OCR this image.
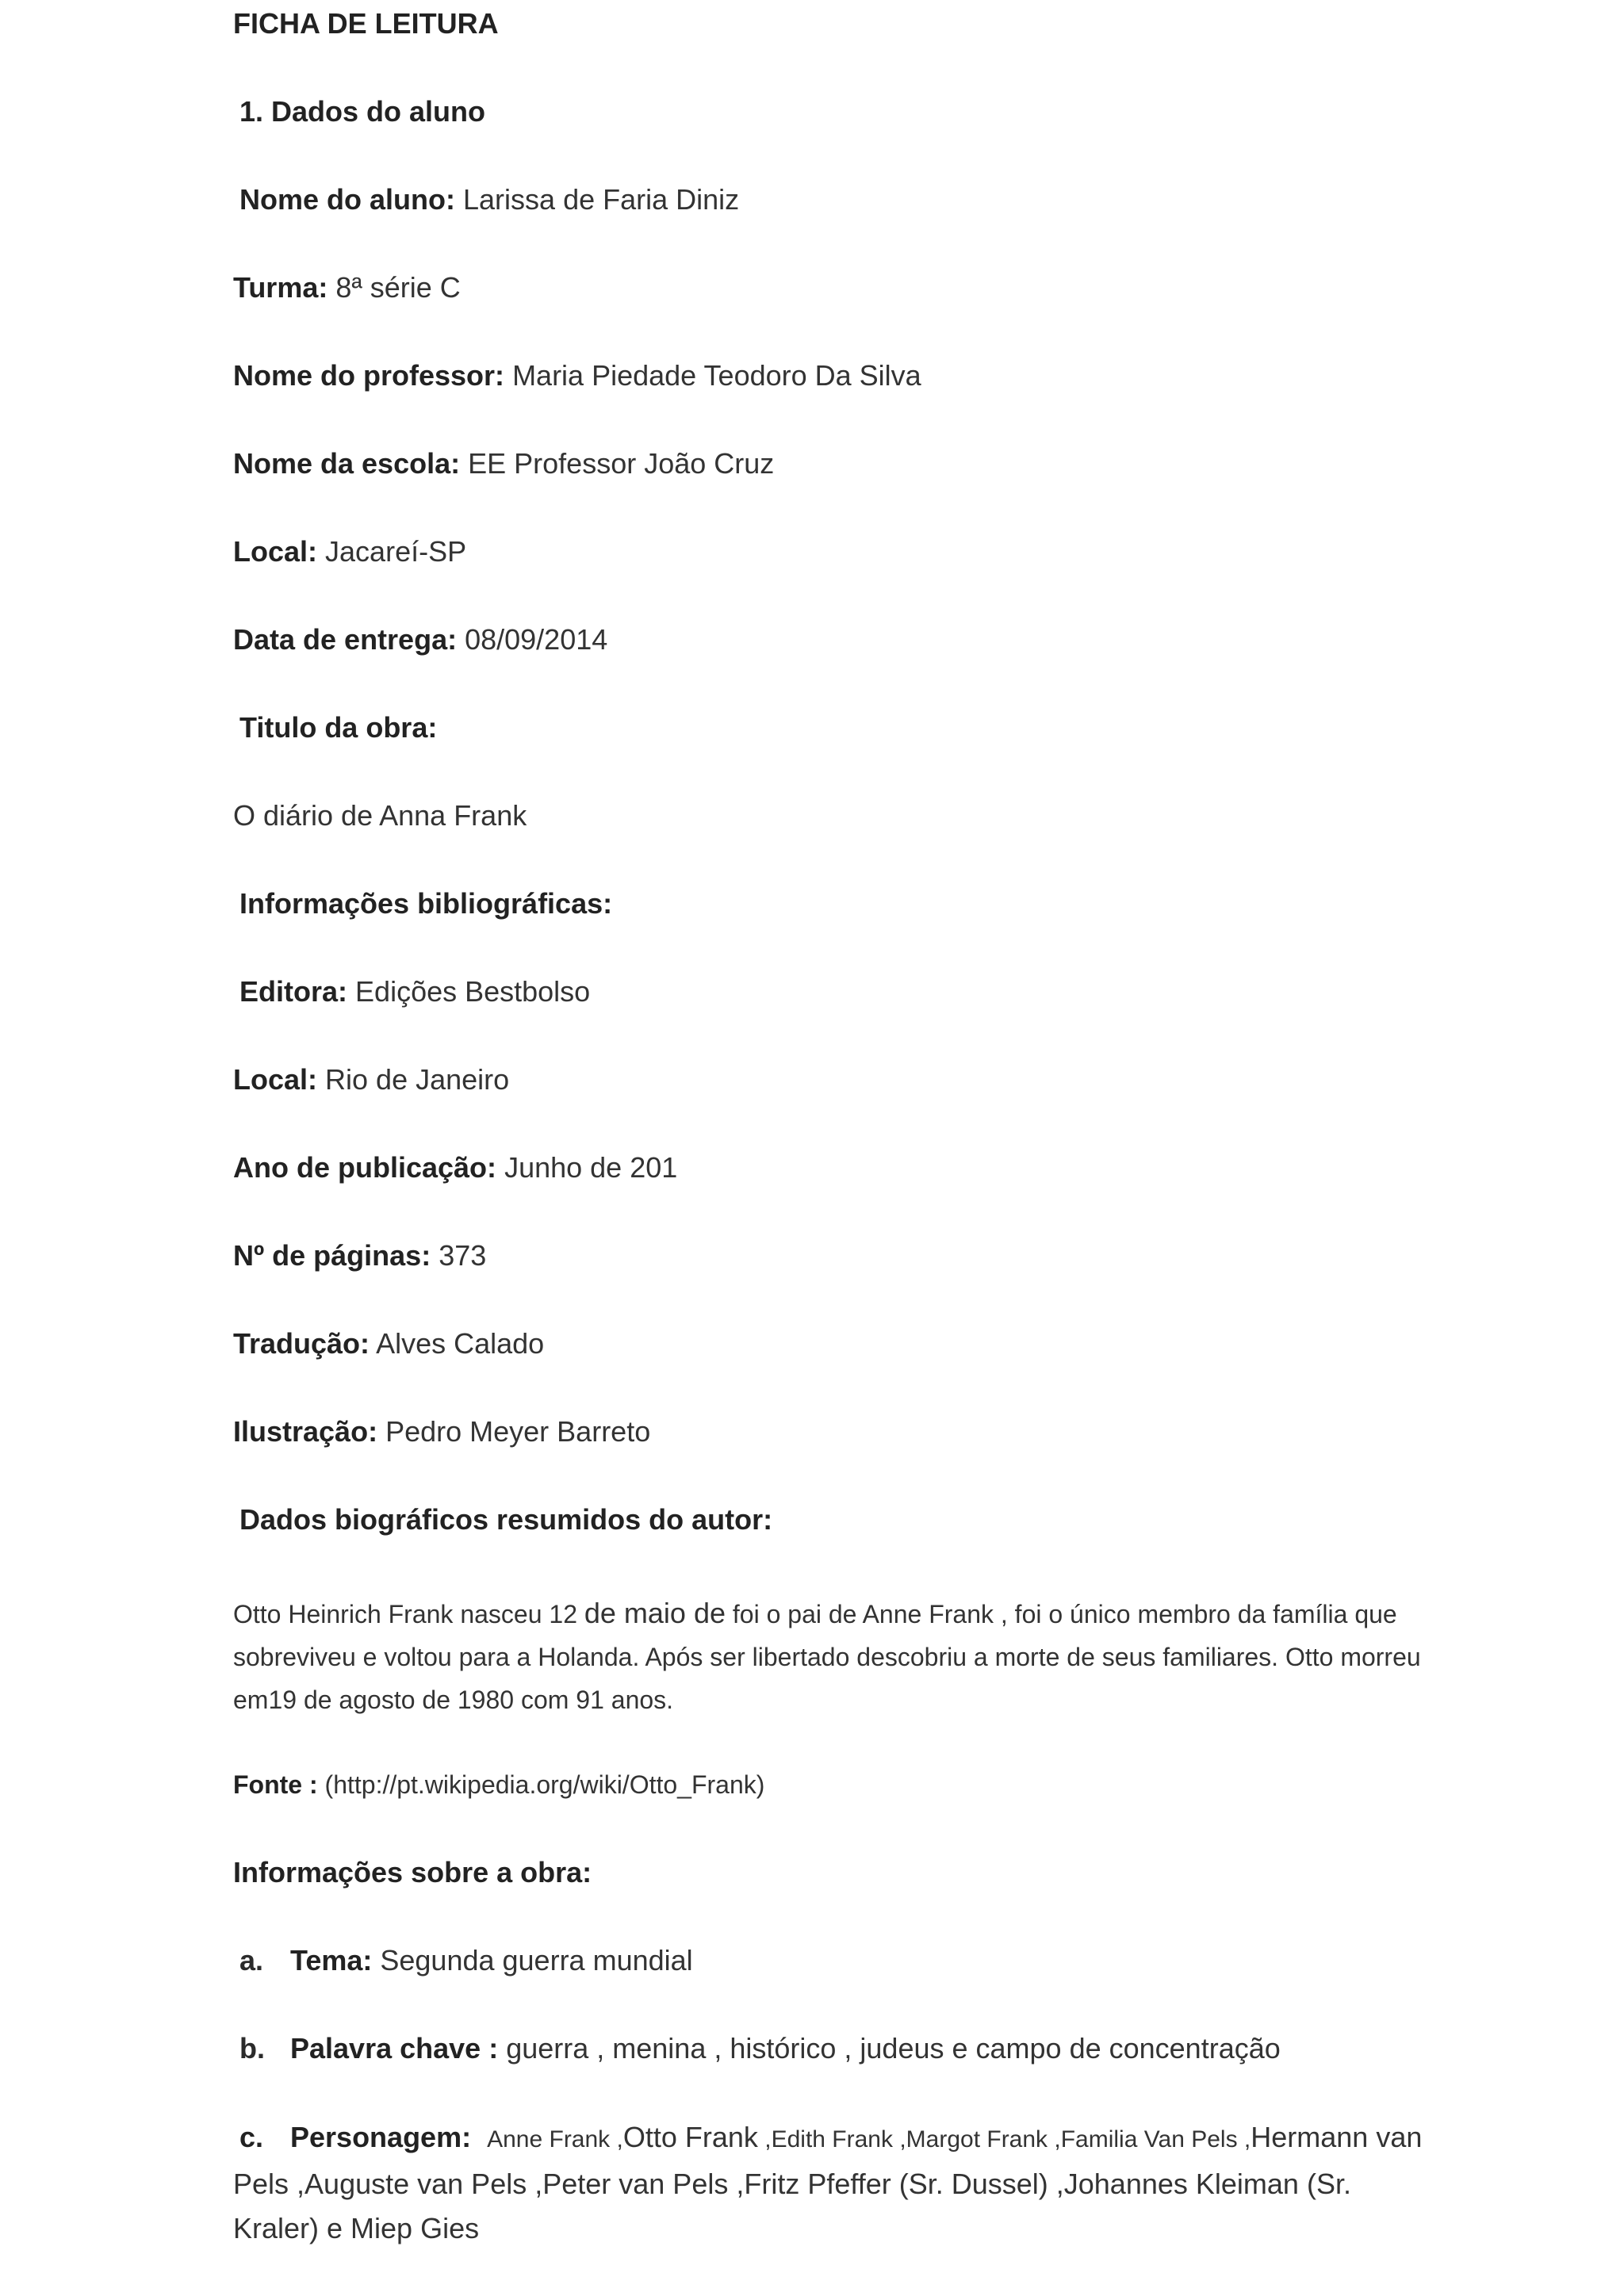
FICHA DE LEITURA
1. Dados do aluno
Nome do aluno: Larissa de Faria Diniz
Turma: 8ª série C
Nome do professor: Maria Piedade Teodoro Da Silva
Nome da escola: EE Professor João Cruz
Local: Jacareí-SP
Data de entrega: 08/09/2014
Titulo da obra:
O diário de Anna Frank
Informações bibliográficas:
Editora: Edições Bestbolso
Local: Rio de Janeiro
Ano de publicação: Junho de 201
Nº de páginas: 373
Tradução: Alves Calado
Ilustração: Pedro Meyer Barreto
Dados biográficos resumidos do autor:
Otto Heinrich Frank nasceu 12 de maio de foi o pai de Anne Frank , foi o único membro da família que sobreviveu e voltou para a Holanda. Após ser libertado descobriu a morte de seus familiares. Otto morreu em19 de agosto de 1980 com 91 anos.
Fonte : (http://pt.wikipedia.org/wiki/Otto_Frank)
Informações sobre a obra:
a. Tema: Segunda guerra mundial
b. Palavra chave : guerra , menina , histórico , judeus e campo de concentração
c. Personagem: Anne Frank ,Otto Frank ,Edith Frank ,Margot Frank ,Familia Van Pels ,Hermann van Pels ,Auguste van Pels ,Peter van Pels ,Fritz Pfeffer (Sr. Dussel) ,Johannes Kleiman (Sr. Kraler) e Miep Gies
